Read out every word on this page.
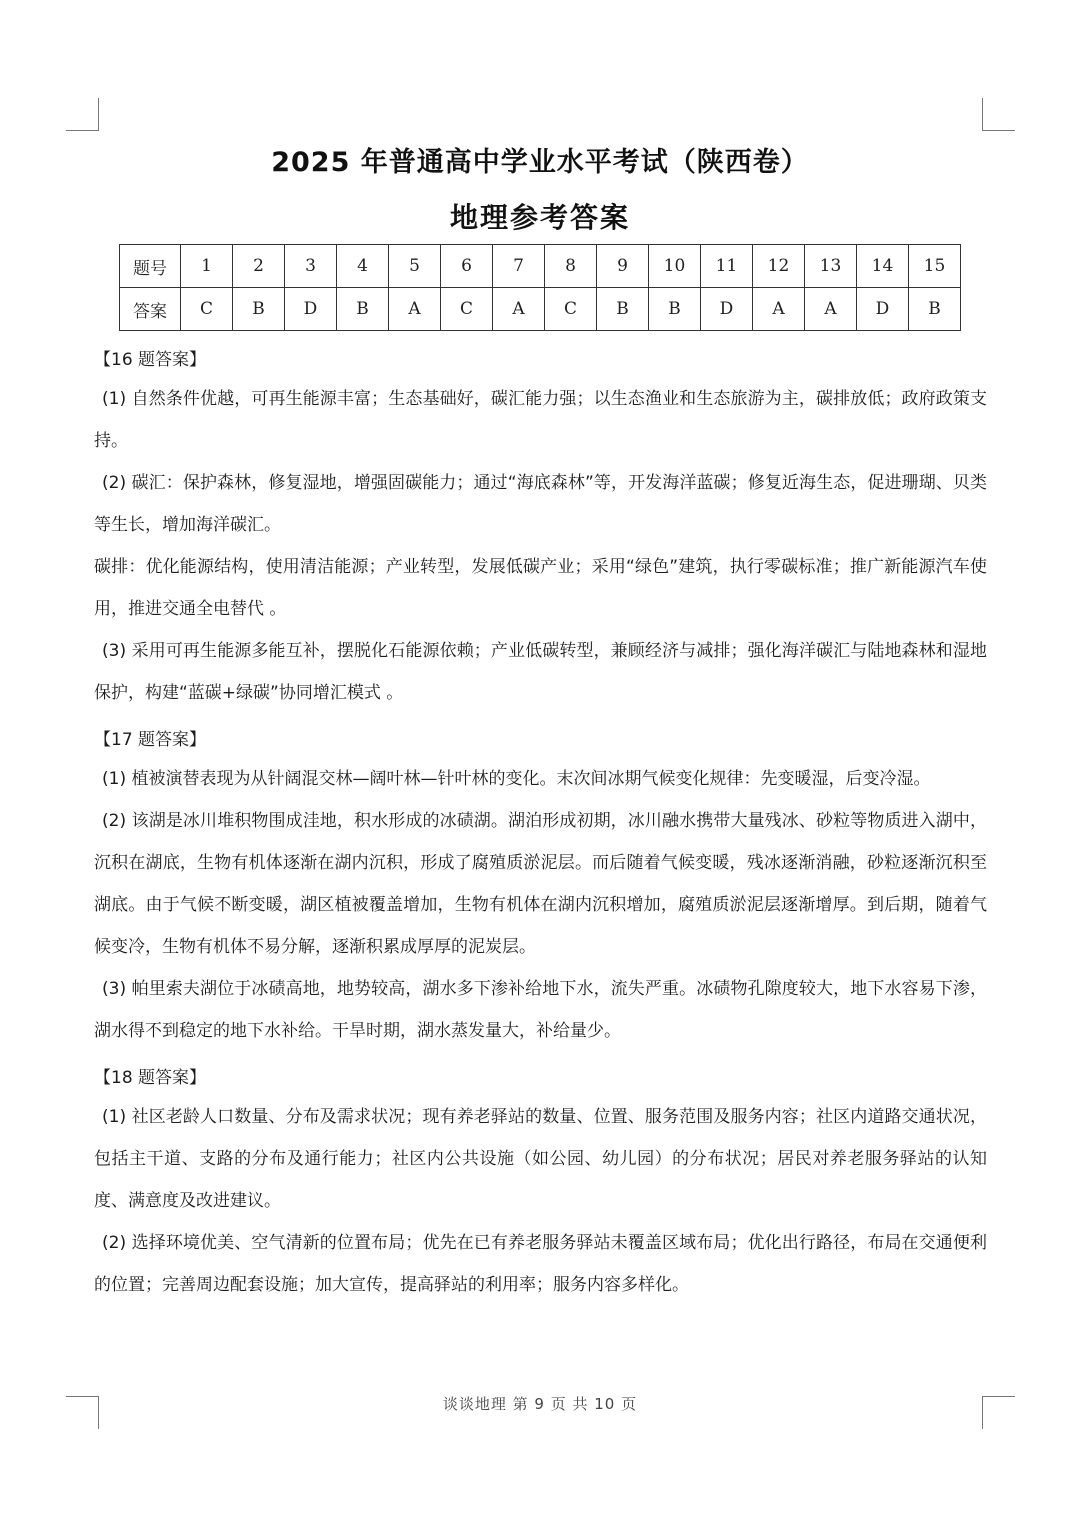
2025 年普通高中学业水平考试（陕西卷）
地理参考答案
题号	1	2	3	4	5	6	7	8	9	10	11	12	13	14	15
答案	C	B	D	B	A	C	A	C	B	B	D	A	A	D	B
【16 题答案】

(1) 自然条件优越，可再生能源丰富；生态基础好，碳汇能力强；以生态渔业和生态旅游为主，碳排放低；政府政策支持。

(2) 碳汇：保护森林，修复湿地，增强固碳能力；通过“海底森林”等，开发海洋蓝碳；修复近海生态，促进珊瑚、贝类等生长，增加海洋碳汇。

碳排：优化能源结构，使用清洁能源；产业转型，发展低碳产业；采用“绿色”建筑，执行零碳标准；推广新能源汽车使用，推进交通全电替代 。

(3) 采用可再生能源多能互补，摆脱化石能源依赖；产业低碳转型，兼顾经济与减排；强化海洋碳汇与陆地森林和湿地保护，构建“蓝碳+绿碳”协同增汇模式 。

【17 题答案】

(1) 植被演替表现为从针阔混交林—阔叶林—针叶林的变化。末次间冰期气候变化规律：先变暖湿，后变冷湿。

(2) 该湖是冰川堆积物围成洼地，积水形成的冰碛湖。湖泊形成初期，冰川融水携带大量残冰、砂粒等物质进入湖中，沉积在湖底，生物有机体逐渐在湖内沉积，形成了腐殖质淤泥层。而后随着气候变暖，残冰逐渐消融，砂粒逐渐沉积至湖底。由于气候不断变暖，湖区植被覆盖增加，生物有机体在湖内沉积增加，腐殖质淤泥层逐渐增厚。到后期，随着气候变冷，生物有机体不易分解，逐渐积累成厚厚的泥炭层。

(3) 帕里索夫湖位于冰碛高地，地势较高，湖水多下渗补给地下水，流失严重。冰碛物孔隙度较大，地下水容易下渗，湖水得不到稳定的地下水补给。干旱时期，湖水蒸发量大，补给量少。

【18 题答案】

(1) 社区老龄人口数量、分布及需求状况；现有养老驿站的数量、位置、服务范围及服务内容；社区内道路交通状况，包括主干道、支路的分布及通行能力；社区内公共设施（如公园、幼儿园）的分布状况；居民对养老服务驿站的认知度、满意度及改进建议。

(2) 选择环境优美、空气清新的位置布局；优先在已有养老服务驿站未覆盖区域布局；优化出行路径，布局在交通便利的位置；完善周边配套设施；加大宣传，提高驿站的利用率；服务内容多样化。

谈谈地理 第 9 页 共 10 页
